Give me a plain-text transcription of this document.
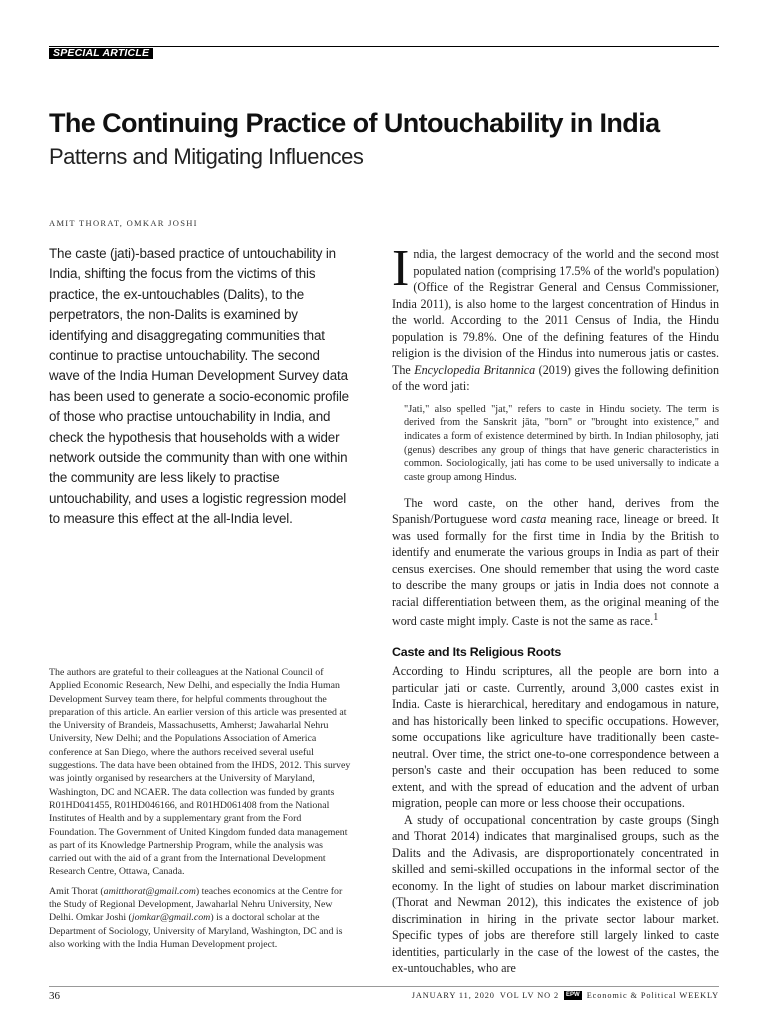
SPECIAL ARTICLE
The Continuing Practice of Untouchability in India
Patterns and Mitigating Influences
AMIT THORAT, OMKAR JOSHI
The caste (jati)-based practice of untouchability in India, shifting the focus from the victims of this practice, the ex-untouchables (Dalits), to the perpetrators, the non-Dalits is examined by identifying and disaggregating communities that continue to practise untouchability. The second wave of the India Human Development Survey data has been used to generate a socio-economic profile of those who practise untouchability in India, and check the hypothesis that households with a wider network outside the community than with one within the community are less likely to practise untouchability, and uses a logistic regression model to measure this effect at the all-India level.

The authors are grateful to their colleagues at the National Council of Applied Economic Research, New Delhi, and especially the India Human Development Survey team there, for helpful comments throughout the preparation of this article. An earlier version of this article was presented at the University of Brandeis, Massachusetts, Amherst; Jawaharlal Nehru University, New Delhi; and the Populations Association of America conference at San Diego, where the authors received several useful suggestions. The data have been obtained from the IHDS, 2012. This survey was jointly organised by researchers at the University of Maryland, Washington, DC and NCAER. The data collection was funded by grants R01HD041455, R01HD046166, and R01HD061408 from the National Institutes of Health and by a supplementary grant from the Ford Foundation. The Government of United Kingdom funded data management as part of its Knowledge Partnership Program, while the analysis was carried out with the aid of a grant from the International Development Research Centre, Ottawa, Canada.

Amit Thorat (amitthorat@gmail.com) teaches economics at the Centre for the Study of Regional Development, Jawaharlal Nehru University, New Delhi. Omkar Joshi (jomkar@gmail.com) is a doctoral scholar at the Department of Sociology, University of Maryland, Washington, DC and is also working with the India Human Development project.

India, the largest democracy of the world and the second most populated nation (comprising 17.5% of the world's population) (Office of the Registrar General and Census Commissioner, India 2011), is also home to the largest concentration of Hindus in the world. According to the 2011 Census of India, the Hindu population is 79.8%. One of the defining features of the Hindu religion is the division of the Hindus into numerous jatis or castes. The Encyclopedia Britannica (2019) gives the following definition of the word jati:

"Jati," also spelled "jat," refers to caste in Hindu society. The term is derived from the Sanskrit jāta, "born" or "brought into existence," and indicates a form of existence determined by birth. In Indian philosophy, jati (genus) describes any group of things that have generic characteristics in common. Sociologically, jati has come to be used universally to indicate a caste group among Hindus.

The word caste, on the other hand, derives from the Spanish/Portuguese word casta meaning race, lineage or breed. It was used formally for the first time in India by the British to identify and enumerate the various groups in India as part of their census exercises. One should remember that using the word caste to describe the many groups or jatis in India does not connote a racial differentiation between them, as the original meaning of the word caste might imply. Caste is not the same as race.$^1$

Caste and Its Religious Roots

According to Hindu scriptures, all the people are born into a particular jati or caste. Currently, around 3,000 castes exist in India. Caste is hierarchical, hereditary and endogamous in nature, and has historically been linked to specific occupations. However, some occupations like agriculture have traditionally been caste-neutral. Over time, the strict one-to-one correspondence between a person's caste and their occupation has been reduced to some extent, and with the spread of education and the advent of urban migration, people can more or less choose their occupations.

A study of occupational concentration by caste groups (Singh and Thorat 2014) indicates that marginalised groups, such as the Dalits and the Adivasis, are disproportionately concentrated in skilled and semi-skilled occupations in the informal sector of the economy. In the light of studies on labour market discrimination (Thorat and Newman 2012), this indicates the existence of job discrimination in hiring in the private sector labour market. Specific types of jobs are therefore still largely linked to caste identities, particularly in the case of the lowest of the castes, the ex-untouchables, who are

36	JANUARY 11, 2020 VOL LV NO 2	EPW Economic & Political WEEKLY
